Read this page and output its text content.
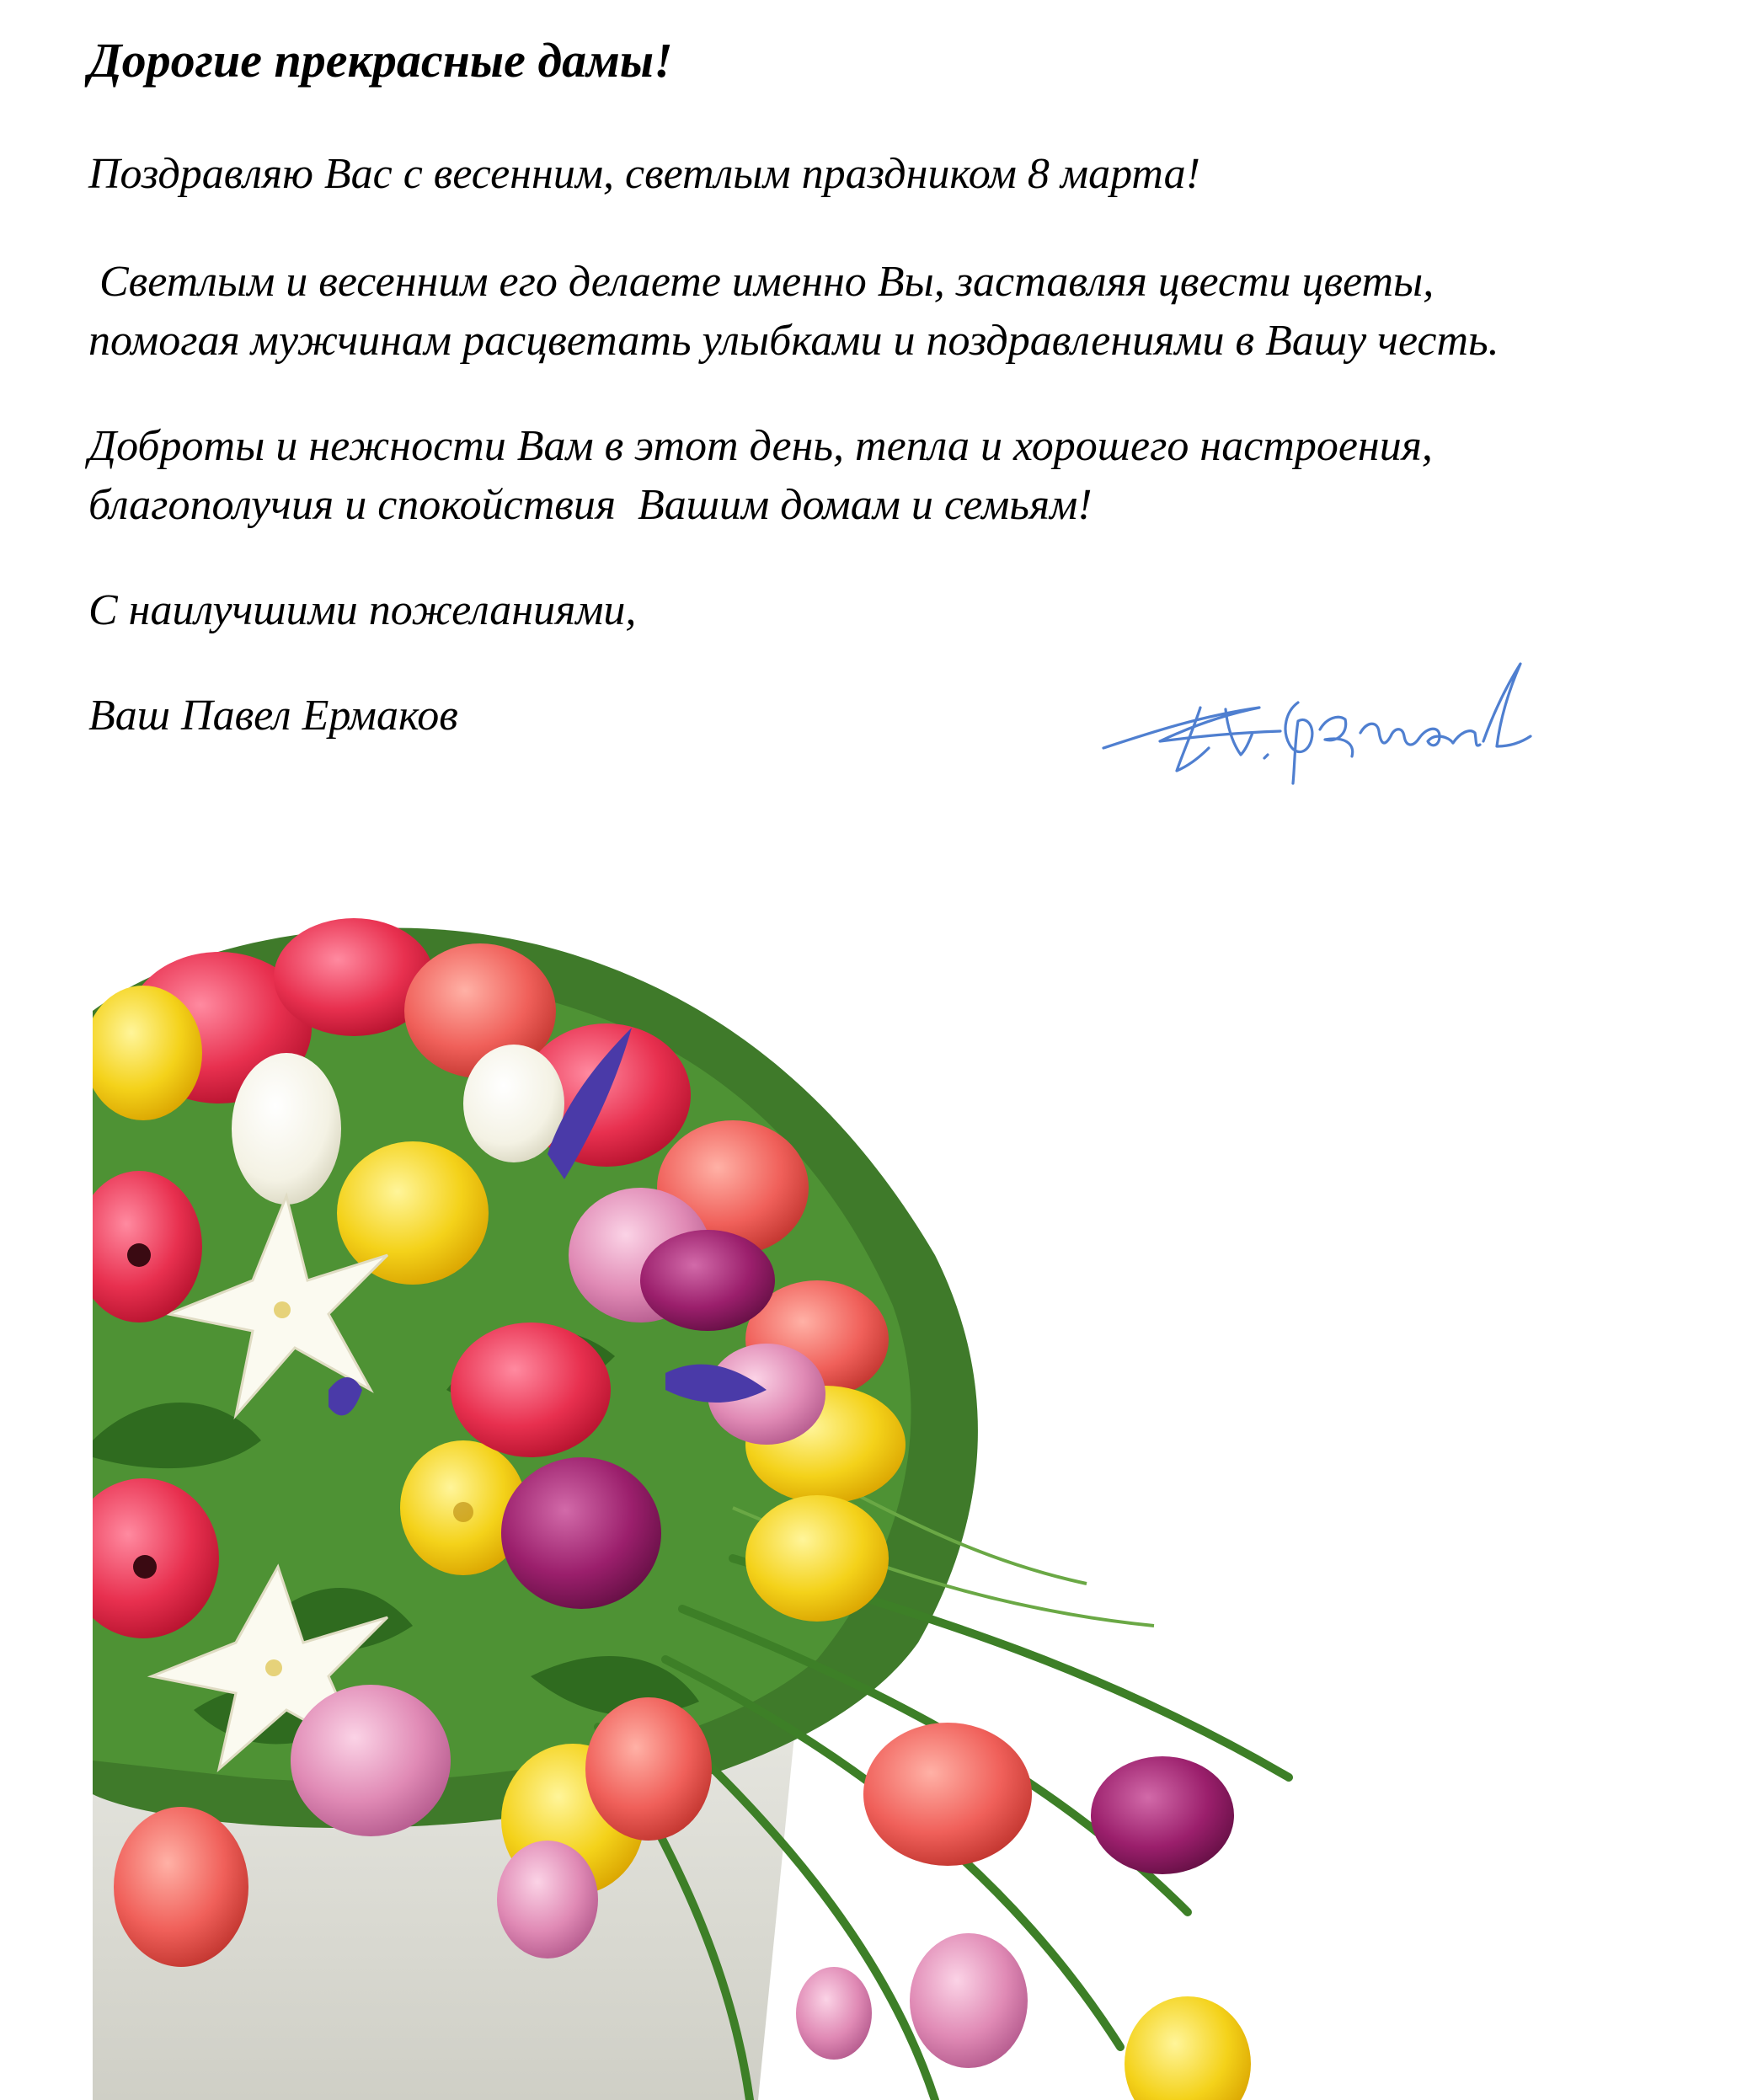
Дорогие прекрасные дамы!

Поздравляю Вас с весенним, светлым праздником 8 марта!

Светлым и весенним его делаете именно Вы, заставляя цвести цветы,
помогая мужчинам расцветать улыбками и поздравлениями в Вашу честь.
Доброты и нежности Вам в этот день, тепла и хорошего настроения,
благополучия и спокойствия  Вашим домам и семьям!

С наилучшими пожеланиями,

Ваш Павел Ермаков
